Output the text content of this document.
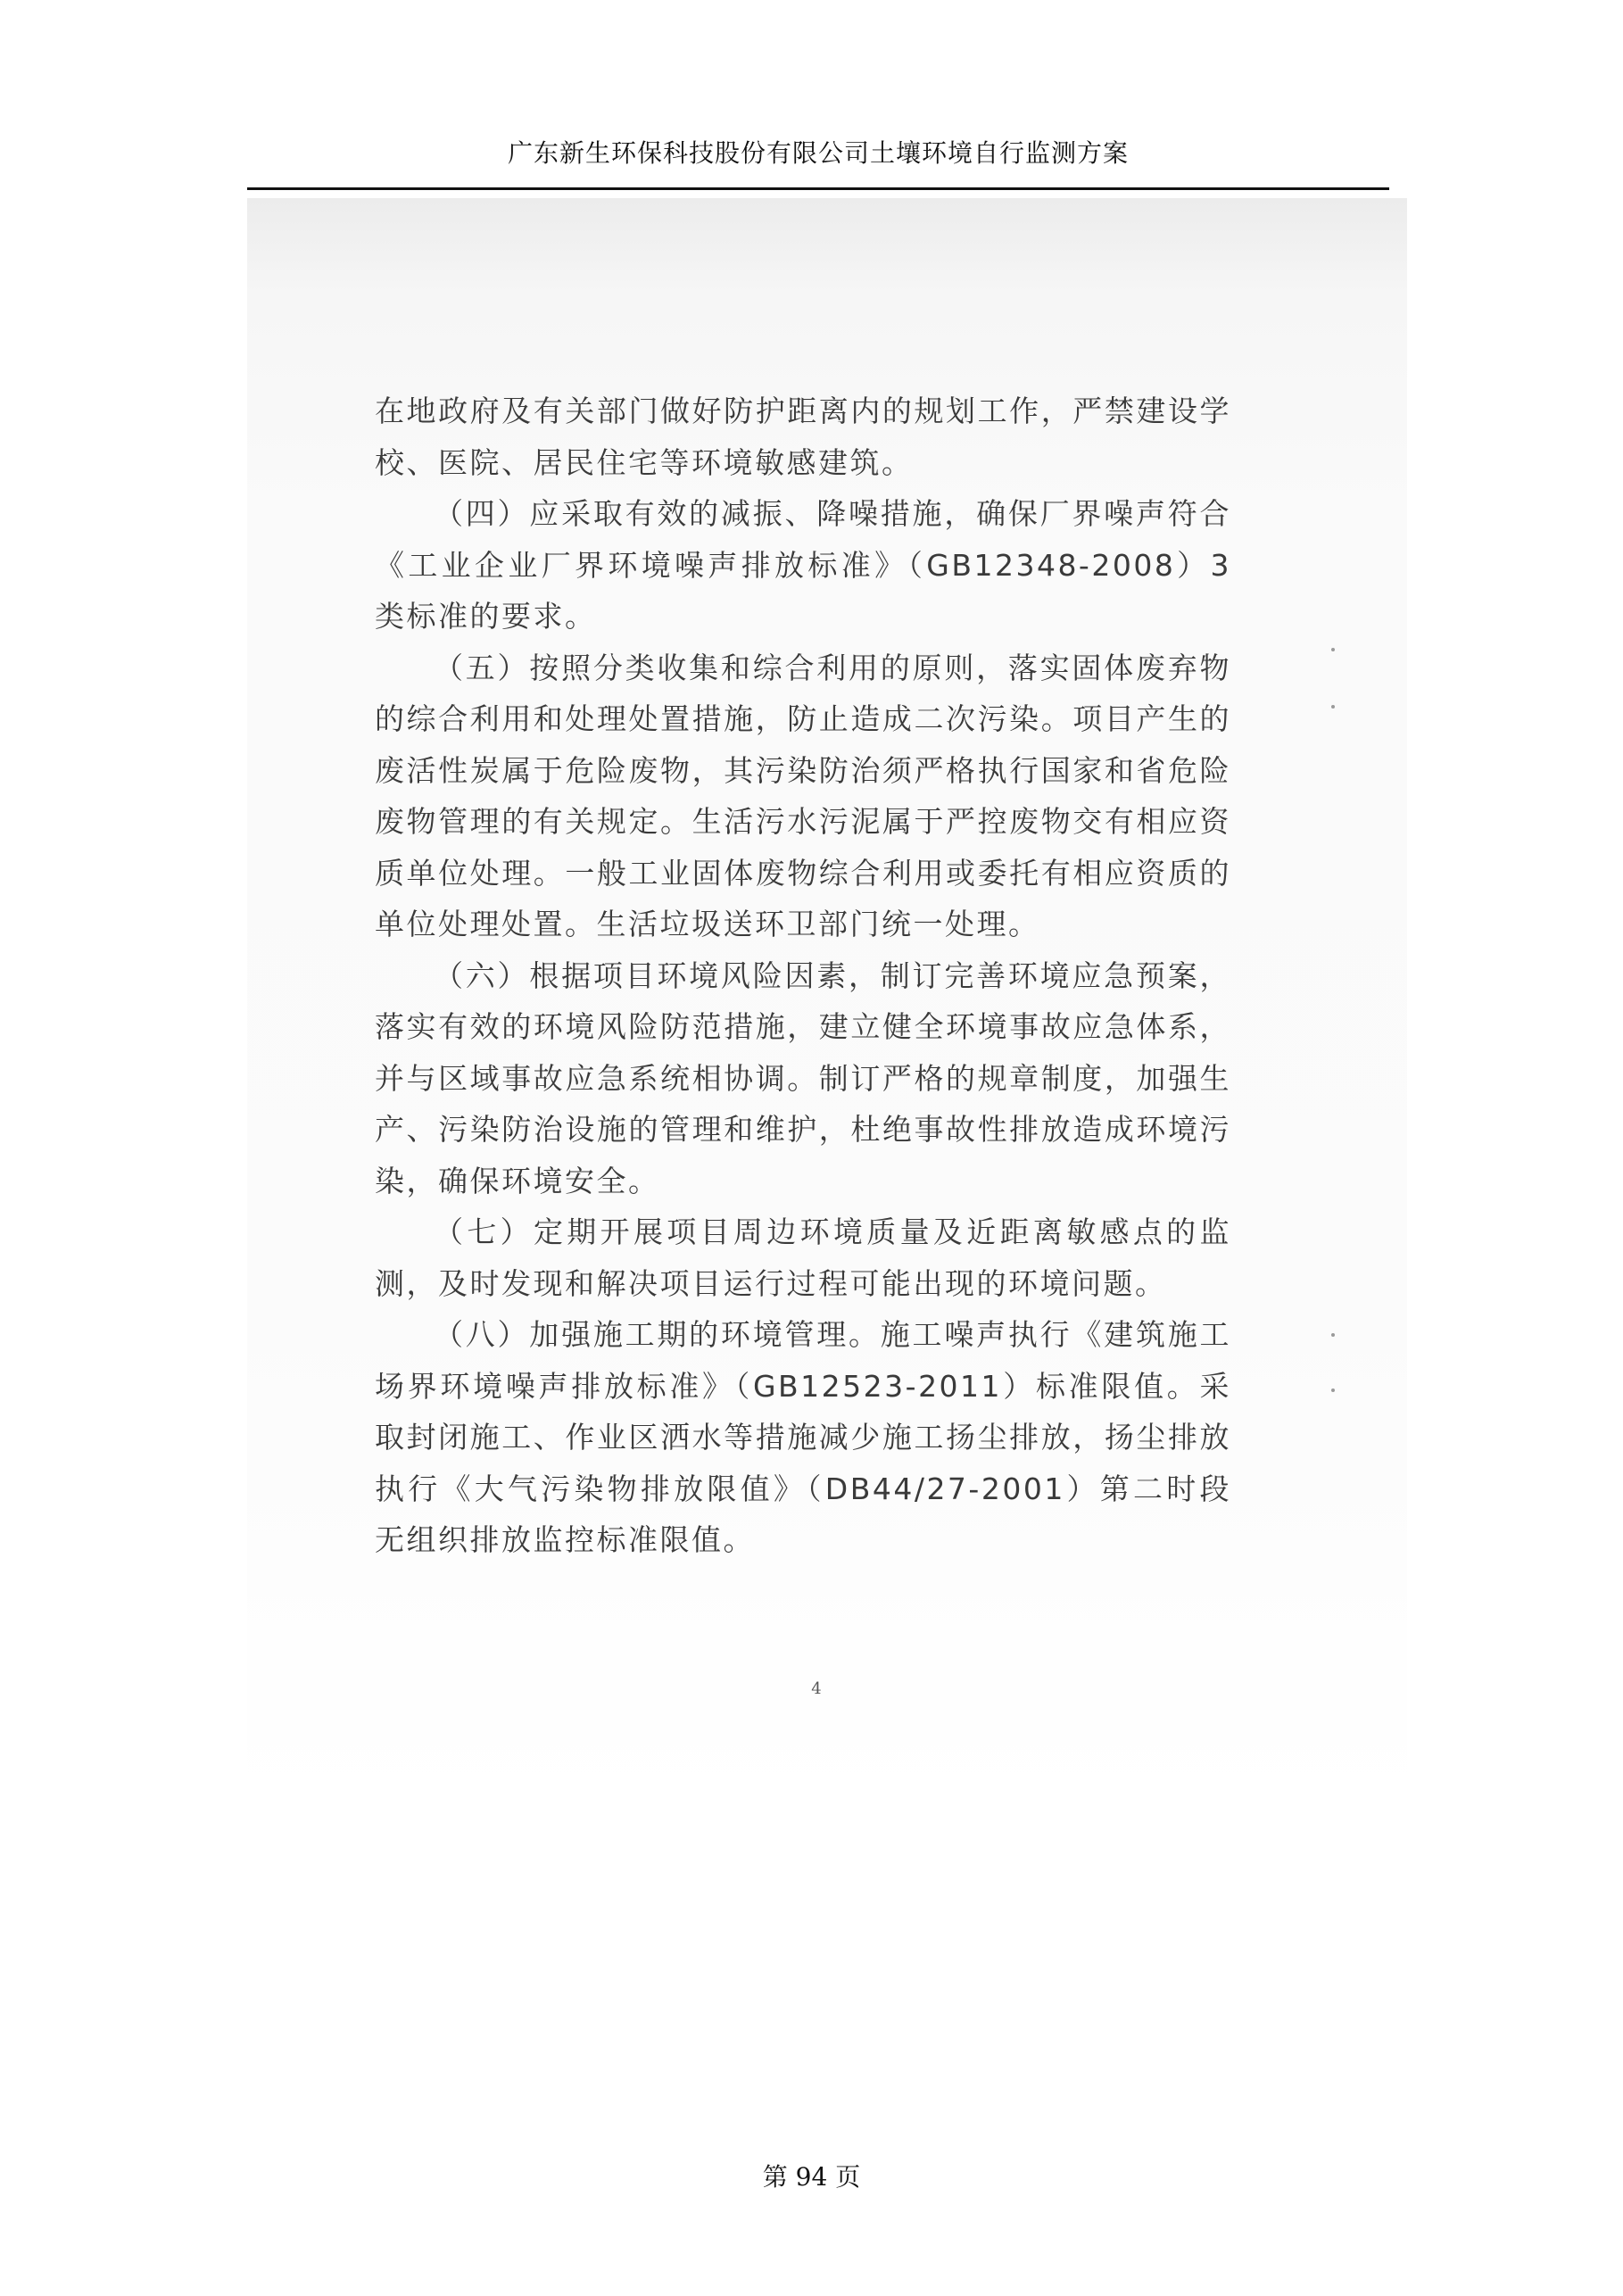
广东新生环保科技股份有限公司土壤环境自行监测方案

在地政府及有关部门做好防护距离内的规划工作，严禁建设学校、医院、居民住宅等环境敏感建筑。

（四）应采取有效的减振、降噪措施，确保厂界噪声符合《工业企业厂界环境噪声排放标准》（GB12348-2008）3类标准的要求。

（五）按照分类收集和综合利用的原则，落实固体废弃物的综合利用和处理处置措施，防止造成二次污染。项目产生的废活性炭属于危险废物，其污染防治须严格执行国家和省危险废物管理的有关规定。生活污水污泥属于严控废物交有相应资质单位处理。一般工业固体废物综合利用或委托有相应资质的单位处理处置。生活垃圾送环卫部门统一处理。

（六）根据项目环境风险因素，制订完善环境应急预案，落实有效的环境风险防范措施，建立健全环境事故应急体系，并与区域事故应急系统相协调。制订严格的规章制度，加强生产、污染防治设施的管理和维护，杜绝事故性排放造成环境污染，确保环境安全。

（七）定期开展项目周边环境质量及近距离敏感点的监测，及时发现和解决项目运行过程可能出现的环境问题。

（八）加强施工期的环境管理。施工噪声执行《建筑施工场界环境噪声排放标准》（GB12523-2011）标准限值。采取封闭施工、作业区洒水等措施减少施工扬尘排放，扬尘排放执行《大气污染物排放限值》（DB44/27-2001）第二时段无组织排放监控标准限值。

4
第 94 页
